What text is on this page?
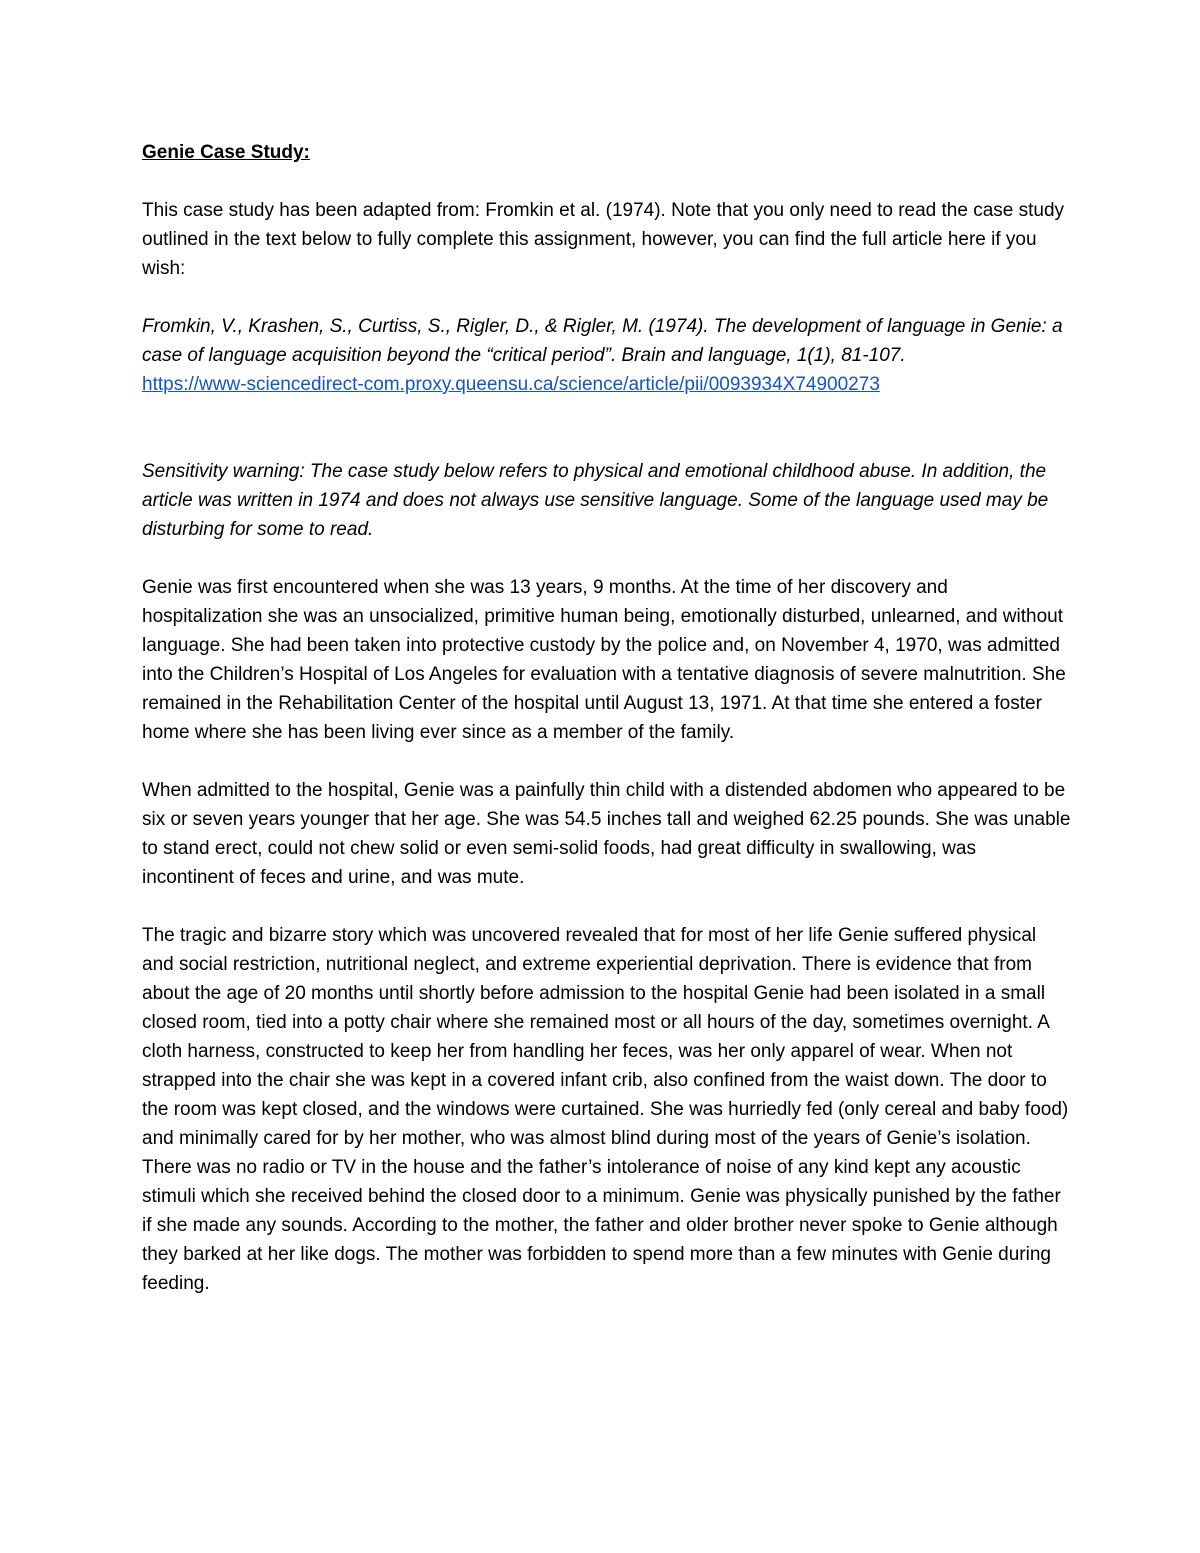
Genie Case Study:

This case study has been adapted from: Fromkin et al. (1974). Note that you only need to read the case study outlined in the text below to fully complete this assignment, however, you can find the full article here if you wish:

Fromkin, V., Krashen, S., Curtiss, S., Rigler, D., & Rigler, M. (1974). The development of language in Genie: a case of language acquisition beyond the “critical period”. Brain and language, 1(1), 81-107.

https://www-sciencedirect-com.proxy.queensu.ca/science/article/pii/0093934X74900273

Sensitivity warning: The case study below refers to physical and emotional childhood abuse. In addition, the article was written in 1974 and does not always use sensitive language. Some of the language used may be disturbing for some to read.

Genie was first encountered when she was 13 years, 9 months. At the time of her discovery and hospitalization she was an unsocialized, primitive human being, emotionally disturbed, unlearned, and without language. She had been taken into protective custody by the police and, on November 4, 1970, was admitted into the Children’s Hospital of Los Angeles for evaluation with a tentative diagnosis of severe malnutrition. She remained in the Rehabilitation Center of the hospital until August 13, 1971. At that time she entered a foster home where she has been living ever since as a member of the family.

When admitted to the hospital, Genie was a painfully thin child with a distended abdomen who appeared to be six or seven years younger that her age. She was 54.5 inches tall and weighed 62.25 pounds. She was unable to stand erect, could not chew solid or even semi-solid foods, had great difficulty in swallowing, was incontinent of feces and urine, and was mute.

The tragic and bizarre story which was uncovered revealed that for most of her life Genie suffered physical and social restriction, nutritional neglect, and extreme experiential deprivation. There is evidence that from about the age of 20 months until shortly before admission to the hospital Genie had been isolated in a small closed room, tied into a potty chair where she remained most or all hours of the day, sometimes overnight. A cloth harness, constructed to keep her from handling her feces, was her only apparel of wear. When not strapped into the chair she was kept in a covered infant crib, also confined from the waist down. The door to the room was kept closed, and the windows were curtained. She was hurriedly fed (only cereal and baby food) and minimally cared for by her mother, who was almost blind during most of the years of Genie’s isolation. There was no radio or TV in the house and the father’s intolerance of noise of any kind kept any acoustic stimuli which she received behind the closed door to a minimum. Genie was physically punished by the father if she made any sounds. According to the mother, the father and older brother never spoke to Genie although they barked at her like dogs. The mother was forbidden to spend more than a few minutes with Genie during feeding.
